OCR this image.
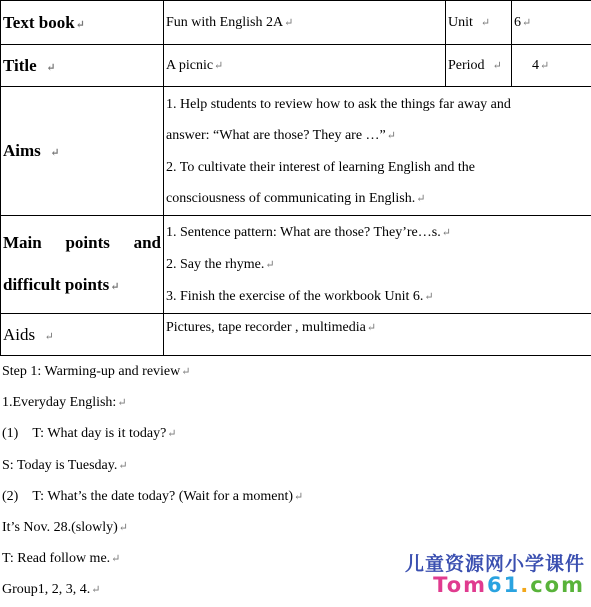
Text book↵	Fun with English 2A↵	Unit ↵	6↵
Title ↵	A picnic↵	Period ↵	4↵
Aims ↵	1. Help students to review how to ask the things far away and
answer: “What are those? They are …”↵
2. To cultivate their interest of learning English and the
consciousness of communicating in English.↵		

Main points and
difficult points↵	1. Sentence pattern: What are those? They’re…s.↵
2. Say the rhyme.↵
3. Finish the exercise of the workbook Unit 6.↵		

Aids ↵	Pictures, tape recorder , multimedia↵		
Step 1: Warming-up and review↵
1.Everyday English:↵
(1)    T: What day is it today?↵
S: Today is Tuesday.↵
(2)    T: What’s the date today? (Wait for a moment)↵
It’s Nov. 28.(slowly)↵
T: Read follow me.↵
Group1, 2, 3, 4.↵
儿童资源网小学课件
Tom61.com
